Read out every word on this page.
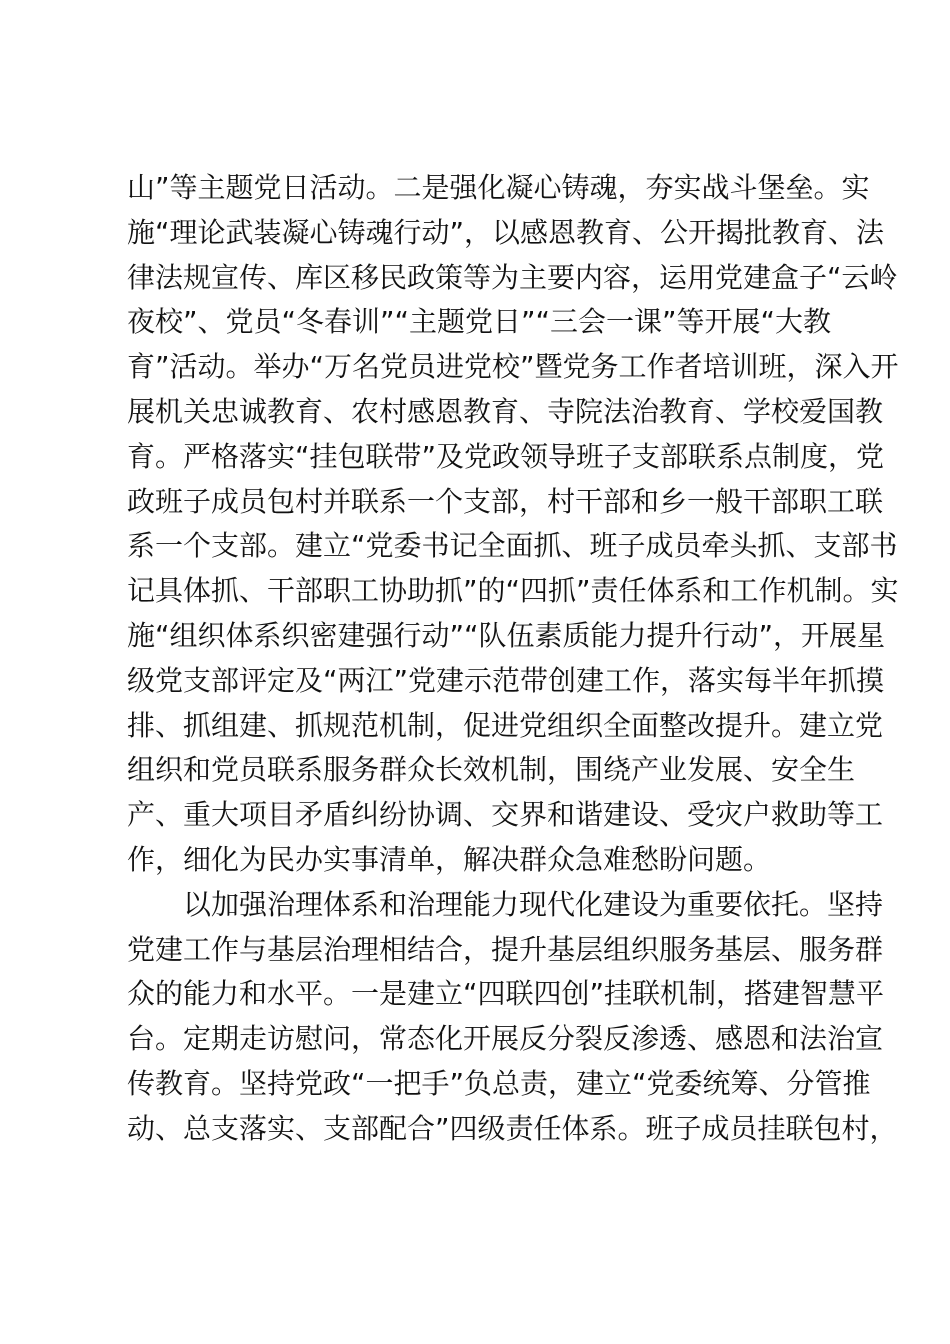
山”等主题党日活动。二是强化凝心铸魂，夯实战斗堡垒。实
施“理论武装凝心铸魂行动”，以感恩教育、公开揭批教育、法
律法规宣传、库区移民政策等为主要内容，运用党建盒子“云岭
夜校”、党员“冬春训”“主题党日”“三会一课”等开展“大教
育”活动。举办“万名党员进党校”暨党务工作者培训班，深入开
展机关忠诚教育、农村感恩教育、寺院法治教育、学校爱国教
育。严格落实“挂包联带”及党政领导班子支部联系点制度，党
政班子成员包村并联系一个支部，村干部和乡一般干部职工联
系一个支部。建立“党委书记全面抓、班子成员牵头抓、支部书
记具体抓、干部职工协助抓”的“四抓”责任体系和工作机制。实
施“组织体系织密建强行动”“队伍素质能力提升行动”，开展星
级党支部评定及“两江”党建示范带创建工作，落实每半年抓摸
排、抓组建、抓规范机制，促进党组织全面整改提升。建立党
组织和党员联系服务群众长效机制，围绕产业发展、安全生
产、重大项目矛盾纠纷协调、交界和谐建设、受灾户救助等工
作，细化为民办实事清单，解决群众急难愁盼问题。
以加强治理体系和治理能力现代化建设为重要依托。坚持
党建工作与基层治理相结合，提升基层组织服务基层、服务群
众的能力和水平。一是建立“四联四创”挂联机制，搭建智慧平
台。定期走访慰问，常态化开展反分裂反渗透、感恩和法治宣
传教育。坚持党政“一把手”负总责，建立“党委统筹、分管推
动、总支落实、支部配合”四级责任体系。班子成员挂联包村，
